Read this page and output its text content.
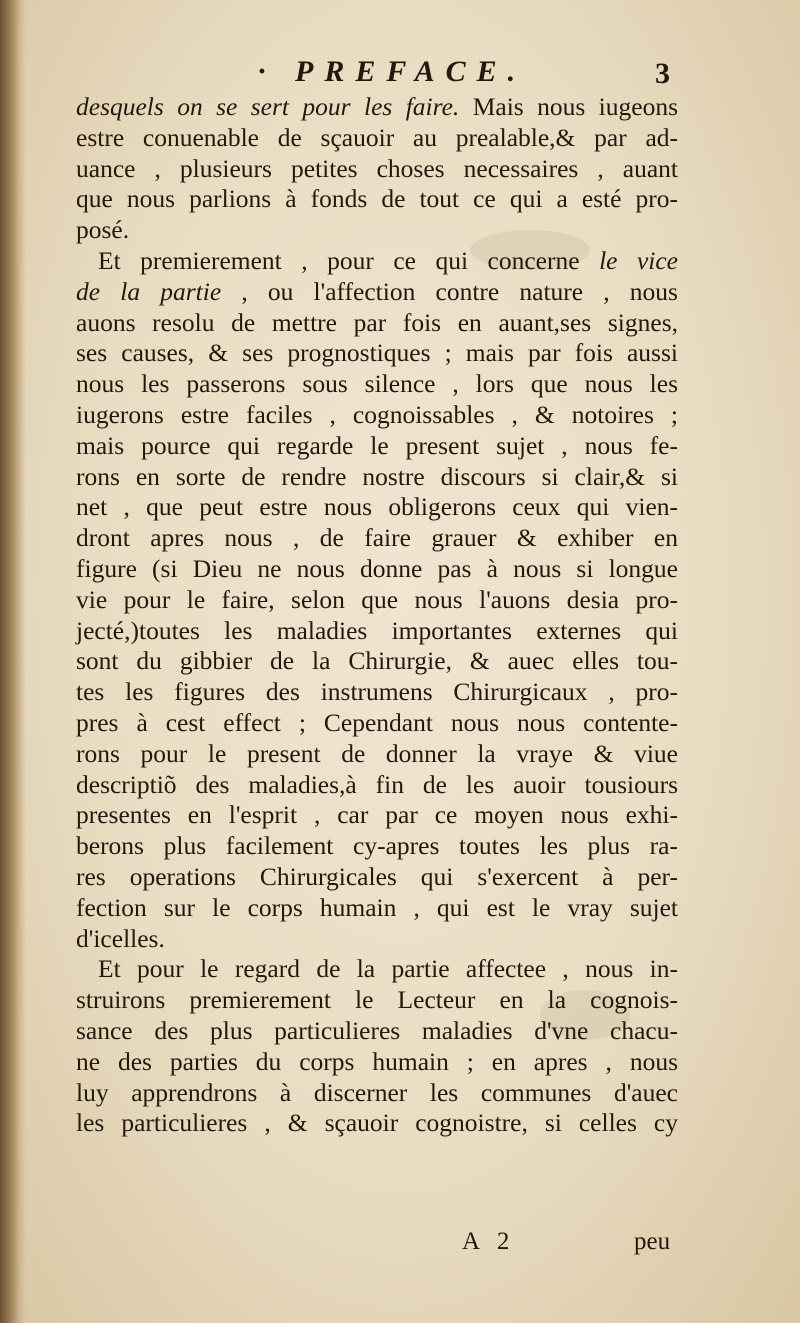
· PREFACE.	3
desquels on se sert pour les faire. Mais nous iugeons
estre conuenable de sçauoir au prealable,& par ad-
uance , plusieurs petites choses necessaires , auant
que nous parlions à fonds de tout ce qui a esté pro-
posé.
Et premierement , pour ce qui concerne le vice
de la partie , ou l'affection contre nature , nous
auons resolu de mettre par fois en auant,ses signes,
ses causes, & ses prognostiques ; mais par fois aussi
nous les passerons sous silence , lors que nous les
iugerons estre faciles , cognoissables , & notoires ;
mais pource qui regarde le present sujet , nous fe-
rons en sorte de rendre nostre discours si clair,& si
net , que peut estre nous obligerons ceux qui vien-
dront apres nous , de faire grauer & exhiber en
figure (si Dieu ne nous donne pas à nous si longue
vie pour le faire, selon que nous l'auons desia pro-
jecté,)toutes les maladies importantes externes qui
sont du gibbier de la Chirurgie, & auec elles tou-
tes les figures des instrumens Chirurgicaux , pro-
pres à cest effect ; Cependant nous nous contente-
rons pour le present de donner la vraye & viue
descriptiõ des maladies,à fin de les auoir tousiours
presentes en l'esprit , car par ce moyen nous exhi-
berons plus facilement cy-apres toutes les plus ra-
res operations Chirurgicales qui s'exercent à per-
fection sur le corps humain , qui est le vray sujet
d'icelles.
Et pour le regard de la partie affectee , nous in-
struirons premierement le Lecteur en la cognois-
sance des plus particulieres maladies d'vne chacu-
ne des parties du corps humain ; en apres , nous
luy apprendrons à discerner les communes d'auec
les particulieres , & sçauoir cognoistre, si celles cy
A 2	peu
